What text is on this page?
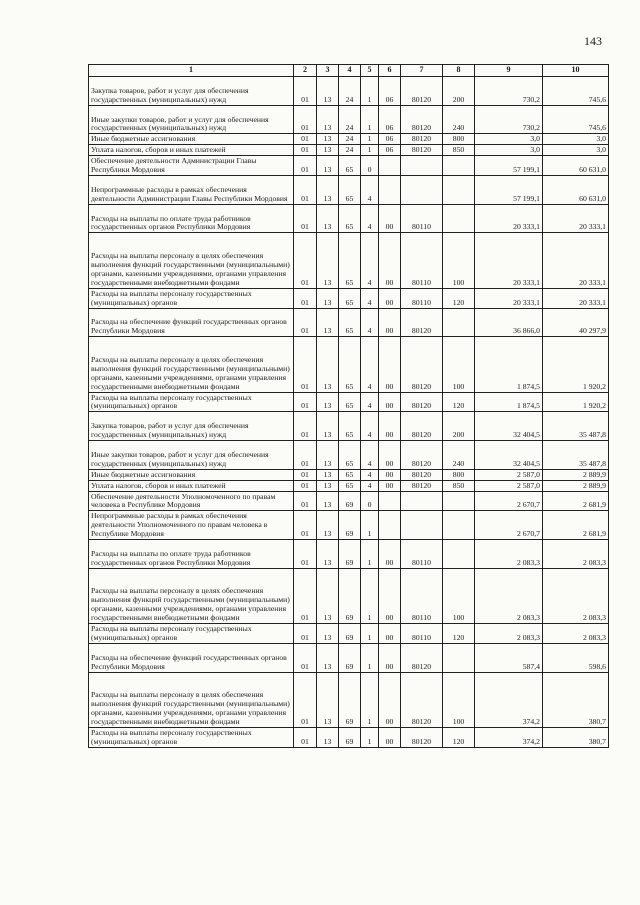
143
1	2	3	4	5	6	7	8	9	10
Закупка товаров, работ и услуг для обеспечения государственных (муниципальных) нужд	01	13	24	1	06	80120	200	730,2	745,6
Иные закупки товаров, работ и услуг для обеспечения государственных (муниципальных) нужд	01	13	24	1	06	80120	240	730,2	745,6
Иные бюджетные ассигнования	01	13	24	1	06	80120	800	3,0	3,0
Уплата налогов, сборов и иных платежей	01	13	24	1	06	80120	850	3,0	3,0
Обеспечение деятельности Администрации Главы Республики Мордовия	01	13	65	0				57 199,1	60 631,0
Непрограммные расходы в рамках обеспечения деятельности Администрации Главы Республики Мордовия	01	13	65	4				57 199,1	60 631,0
Расходы на выплаты по оплате труда работников государственных органов Республики Мордовия	01	13	65	4	00	80110		20 333,1	20 333,1
Расходы на выплаты персоналу в целях обеспечения выполнения функций государственными (муниципальными) органами, казенными учреждениями, органами управления государственными внебюджетными фондами	01	13	65	4	00	80110	100	20 333,1	20 333,1
Расходы на выплаты персоналу государственных (муниципальных) органов	01	13	65	4	00	80110	120	20 333,1	20 333,1
Расходы на обеспечение функций государственных органов Республики Мордовия	01	13	65	4	00	80120		36 866,0	40 297,9
Расходы на выплаты персоналу в целях обеспечения выполнения функций государственными (муниципальными) органами, казенными учреждениями, органами управления государственными внебюджетными фондами	01	13	65	4	00	80120	100	1 874,5	1 920,2
Расходы на выплаты персоналу государственных (муниципальных) органов	01	13	65	4	00	80120	120	1 874,5	1 920,2
Закупка товаров, работ и услуг для обеспечения государственных (муниципальных) нужд	01	13	65	4	00	80120	200	32 404,5	35 487,8
Иные закупки товаров, работ и услуг для обеспечения государственных (муниципальных) нужд	01	13	65	4	00	80120	240	32 404,5	35 487,8
Иные бюджетные ассигнования	01	13	65	4	00	80120	800	2 587,0	2 889,9
Уплата налогов, сборов и иных платежей	01	13	65	4	00	80120	850	2 587,0	2 889,9
Обеспечение деятельности Уполномоченного по правам человека в Республике Мордовия	01	13	69	0				2 670,7	2 681,9
Непрограммные расходы в рамках обеспечения деятельности Уполномоченного по правам человека в Республике Мордовия	01	13	69	1				2 670,7	2 681,9
Расходы на выплаты по оплате труда работников государственных органов Республики Мордовия	01	13	69	1	00	80110		2 083,3	2 083,3
Расходы на выплаты персоналу в целях обеспечения выполнения функций государственными (муниципальными) органами, казенными учреждениями, органами управления государственными внебюджетными фондами	01	13	69	1	00	80110	100	2 083,3	2 083,3
Расходы на выплаты персоналу государственных (муниципальных) органов	01	13	69	1	00	80110	120	2 083,3	2 083,3
Расходы на обеспечение функций государственных органов Республики Мордовия	01	13	69	1	00	80120		587,4	598,6
Расходы на выплаты персоналу в целях обеспечения выполнения функций государственными (муниципальными) органами, казенными учреждениями, органами управления государственными внебюджетными фондами	01	13	69	1	00	80120	100	374,2	380,7
Расходы на выплаты персоналу государственных (муниципальных) органов	01	13	69	1	00	80120	120	374,2	380,7
